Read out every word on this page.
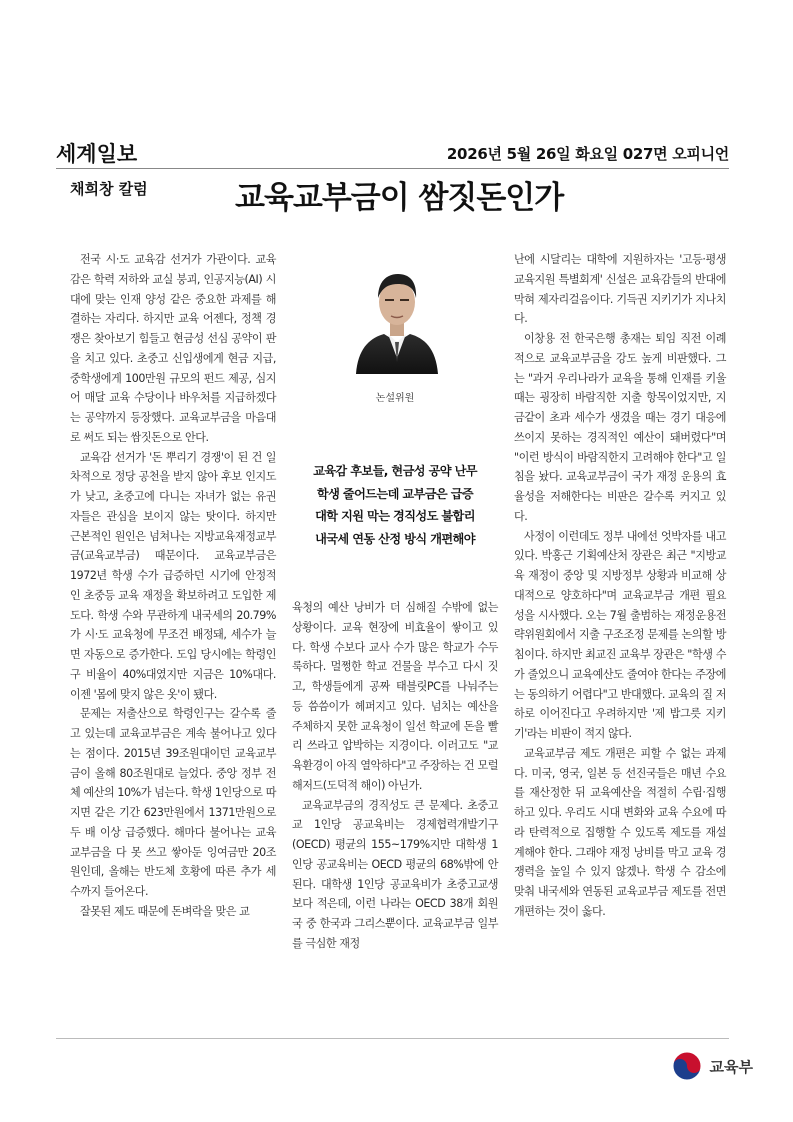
세계일보	2026년 5월 26일 화요일 027면 오피니언
채희창 칼럼	교육교부금이 쌈짓돈인가

전국 시·도 교육감 선거가 가관이다. 교육감은 학력 저하와 교실 붕괴, 인공지능(AI) 시대에 맞는 인재 양성 같은 중요한 과제를 해결하는 자리다. 하지만 교육 어젠다, 정책 경쟁은 찾아보기 힘들고 현금성 선심 공약이 판을 치고 있다. 초중고 신입생에게 현금 지급, 중학생에게 100만원 규모의 펀드 제공, 심지어 매달 교육 수당이나 바우처를 지급하겠다는 공약까지 등장했다. 교육교부금을 마음대로 써도 되는 쌈짓돈으로 안다.

교육감 선거가 '돈 뿌리기 경쟁'이 된 건 일차적으로 정당 공천을 받지 않아 후보 인지도가 낮고, 초중고에 다니는 자녀가 없는 유권자들은 관심을 보이지 않는 탓이다. 하지만 근본적인 원인은 넘쳐나는 지방교육재정교부금(교육교부금) 때문이다. 교육교부금은 1972년 학생 수가 급증하던 시기에 안정적인 초중등 교육 재정을 확보하려고 도입한 제도다. 학생 수와 무관하게 내국세의 20.79%가 시·도 교육청에 무조건 배정돼, 세수가 늘면 자동으로 증가한다. 도입 당시에는 학령인구 비율이 40%대였지만 지금은 10%대다. 이젠 '몸에 맞지 않은 옷'이 됐다.

문제는 저출산으로 학령인구는 갈수록 줄고 있는데 교육교부금은 계속 불어나고 있다는 점이다. 2015년 39조원대이던 교육교부금이 올해 80조원대로 늘었다. 중앙 정부 전체 예산의 10%가 넘는다. 학생 1인당으로 따지면 같은 기간 623만원에서 1371만원으로 두 배 이상 급증했다. 해마다 불어나는 교육교부금을 다 못 쓰고 쌓아둔 잉여금만 20조원인데, 올해는 반도체 호황에 따른 추가 세수까지 들어온다.

잘못된 제도 때문에 돈벼락을 맞은 교

논설위원
교육감 후보들, 현금성 공약 난무
학생 줄어드는데 교부금은 급증
대학 지원 막는 경직성도 불합리
내국세 연동 산정 방식 개편해야

육청의 예산 낭비가 더 심해질 수밖에 없는 상황이다. 교육 현장에 비효율이 쌓이고 있다. 학생 수보다 교사 수가 많은 학교가 수두룩하다. 멀쩡한 학교 건물을 부수고 다시 짓고, 학생들에게 공짜 태블릿PC를 나눠주는 등 씀씀이가 헤퍼지고 있다. 넘치는 예산을 주체하지 못한 교육청이 일선 학교에 돈을 빨리 쓰라고 압박하는 지경이다. 이러고도 "교육환경이 아직 열악하다"고 주장하는 건 모럴 해저드(도덕적 해이) 아닌가.

교육교부금의 경직성도 큰 문제다. 초중고교 1인당 공교육비는 경제협력개발기구(OECD) 평균의 155~179%지만 대학생 1인당 공교육비는 OECD 평균의 68%밖에 안 된다. 대학생 1인당 공교육비가 초중고교생보다 적은데, 이런 나라는 OECD 38개 회원국 중 한국과 그리스뿐이다. 교육교부금 일부를 극심한 재정

난에 시달리는 대학에 지원하자는 '고등·평생 교육지원 특별회계' 신설은 교육감들의 반대에 막혀 제자리걸음이다. 기득권 지키기가 지나치다.

이창용 전 한국은행 총재는 퇴임 직전 이례적으로 교육교부금을 강도 높게 비판했다. 그는 "과거 우리나라가 교육을 통해 인재를 키울 때는 굉장히 바람직한 지출 항목이었지만, 지금같이 초과 세수가 생겼을 때는 경기 대응에 쓰이지 못하는 경직적인 예산이 돼버렸다"며 "이런 방식이 바람직한지 고려해야 한다"고 일침을 놨다. 교육교부금이 국가 재정 운용의 효율성을 저해한다는 비판은 갈수록 커지고 있다.

사정이 이런데도 정부 내에선 엇박자를 내고 있다. 박홍근 기획예산처 장관은 최근 "지방교육 재정이 중앙 및 지방정부 상황과 비교해 상대적으로 양호하다"며 교육교부금 개편 필요성을 시사했다. 오는 7월 출범하는 재정운용전략위원회에서 지출 구조조정 문제를 논의할 방침이다. 하지만 최교진 교육부 장관은 "학생 수가 줄었으니 교육예산도 줄여야 한다는 주장에는 동의하기 어렵다"고 반대했다. 교육의 질 저하로 이어진다고 우려하지만 '제 밥그릇 지키기'라는 비판이 적지 않다.

교육교부금 제도 개편은 피할 수 없는 과제다. 미국, 영국, 일본 등 선진국들은 매년 수요를 재산정한 뒤 교육예산을 적절히 수립·집행하고 있다. 우리도 시대 변화와 교육 수요에 따라 탄력적으로 집행할 수 있도록 제도를 재설계해야 한다. 그래야 재정 낭비를 막고 교육 경쟁력을 높일 수 있지 않겠나. 학생 수 감소에 맞춰 내국세와 연동된 교육교부금 제도를 전면 개편하는 것이 옳다.

교육부
